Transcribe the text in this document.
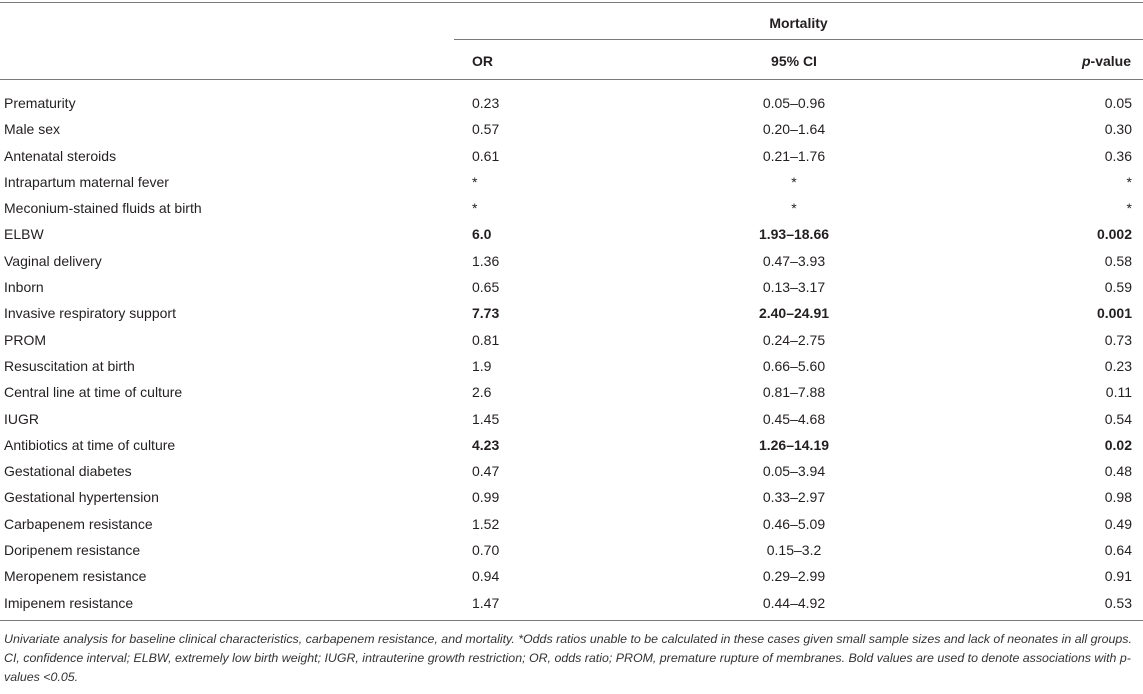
Mortality
OR	95% CI	p-value
Prematurity	0.23	0.05–0.96	0.05
Male sex	0.57	0.20–1.64	0.30
Antenatal steroids	0.61	0.21–1.76	0.36
Intrapartum maternal fever	*	*	*
Meconium-stained fluids at birth	*	*	*
ELBW	6.0	1.93–18.66	0.002
Vaginal delivery	1.36	0.47–3.93	0.58
Inborn	0.65	0.13–3.17	0.59
Invasive respiratory support	7.73	2.40–24.91	0.001
PROM	0.81	0.24–2.75	0.73
Resuscitation at birth	1.9	0.66–5.60	0.23
Central line at time of culture	2.6	0.81–7.88	0.11
IUGR	1.45	0.45–4.68	0.54
Antibiotics at time of culture	4.23	1.26–14.19	0.02
Gestational diabetes	0.47	0.05–3.94	0.48
Gestational hypertension	0.99	0.33–2.97	0.98
Carbapenem resistance	1.52	0.46–5.09	0.49
Doripenem resistance	0.70	0.15–3.2	0.64
Meropenem resistance	0.94	0.29–2.99	0.91
Imipenem resistance	1.47	0.44–4.92	0.53
Univariate analysis for baseline clinical characteristics, carbapenem resistance, and mortality. *Odds ratios unable to be calculated in these cases given small sample sizes and lack of neonates in all groups. CI, confidence interval; ELBW, extremely low birth weight; IUGR, intrauterine growth restriction; OR, odds ratio; PROM, premature rupture of membranes. Bold values are used to denote associations with p-values <0.05.
